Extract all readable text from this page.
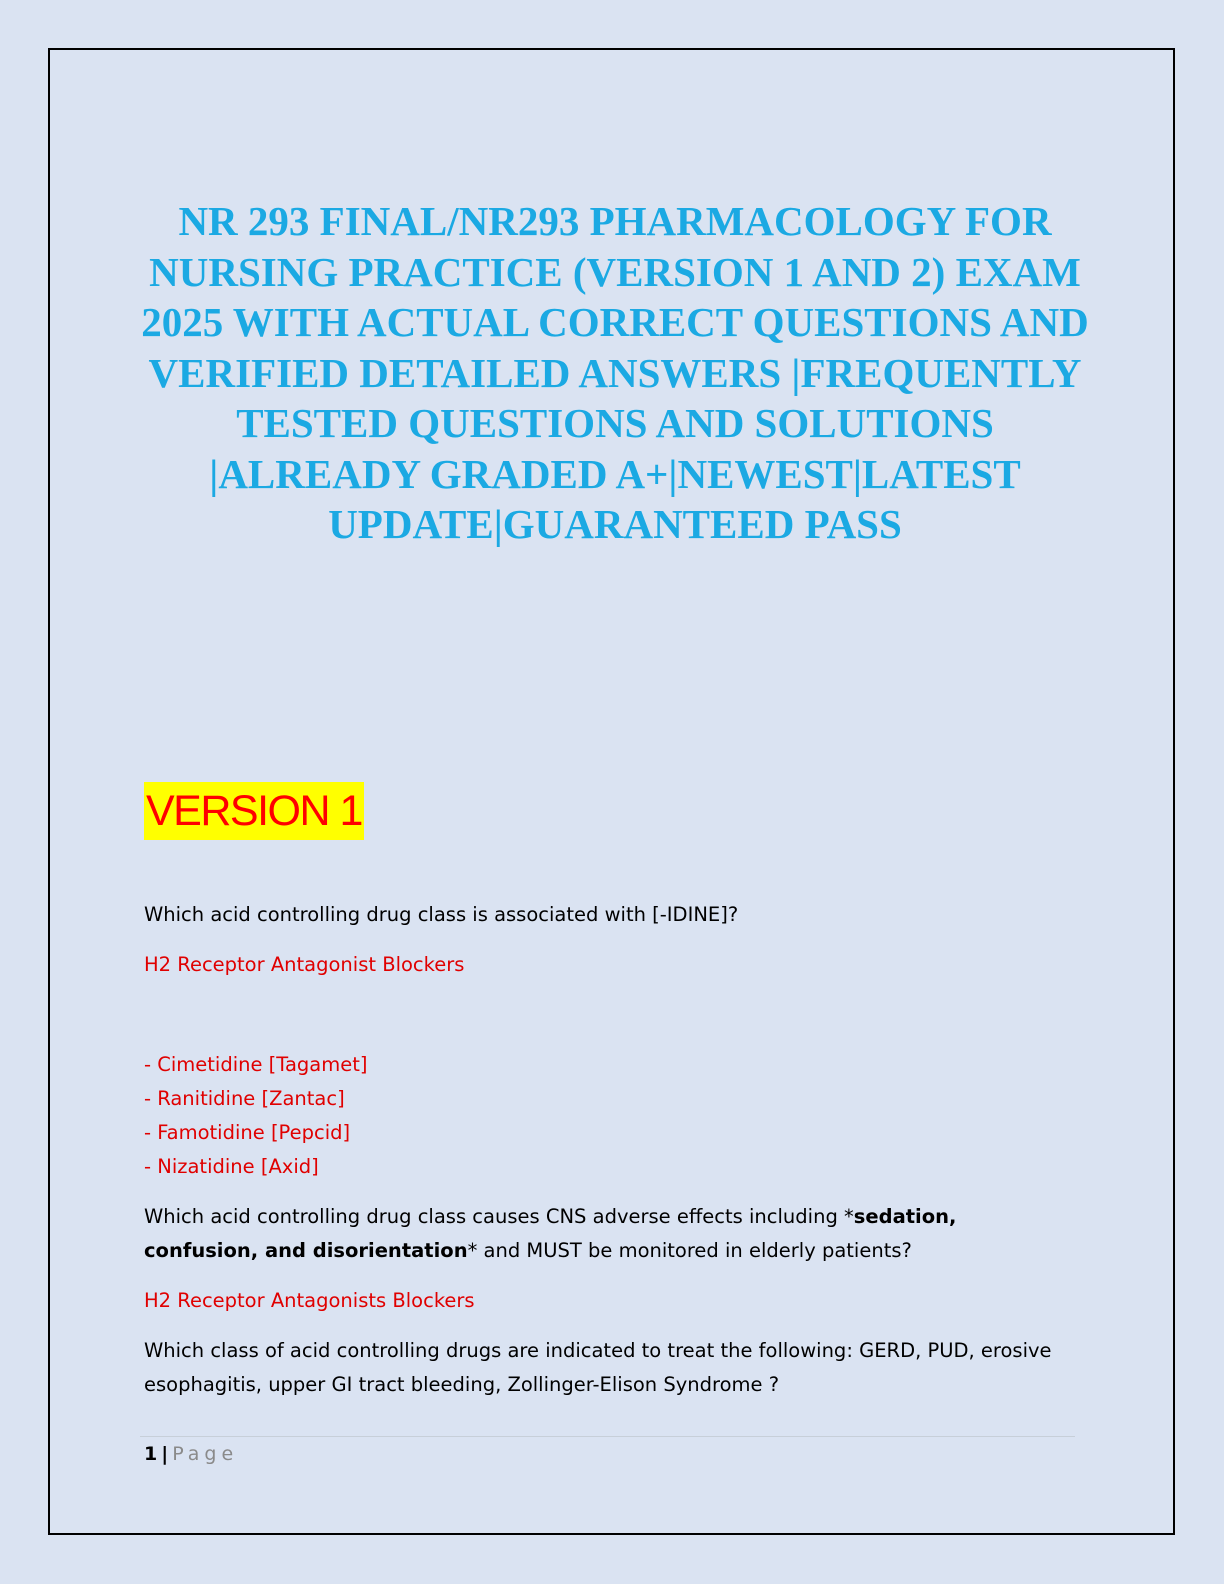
NR 293 FINAL/NR293 PHARMACOLOGY FOR NURSING PRACTICE (VERSION 1 AND 2) EXAM 2025 WITH ACTUAL CORRECT QUESTIONS AND VERIFIED DETAILED ANSWERS |FREQUENTLY TESTED QUESTIONS AND SOLUTIONS |ALREADY GRADED A+|NEWEST|LATEST UPDATE|GUARANTEED PASS
VERSION 1

Which acid controlling drug class is associated with [-IDINE]?

H2 Receptor Antagonist Blockers

- Cimetidine [Tagamet]
- Ranitidine [Zantac]
- Famotidine [Pepcid]
- Nizatidine [Axid]

Which acid controlling drug class causes CNS adverse effects including *sedation, confusion, and disorientation* and MUST be monitored in elderly patients?

H2 Receptor Antagonists Blockers

Which class of acid controlling drugs are indicated to treat the following: GERD, PUD, erosive esophagitis, upper GI tract bleeding, Zollinger-Elison Syndrome ?

1 | Page
